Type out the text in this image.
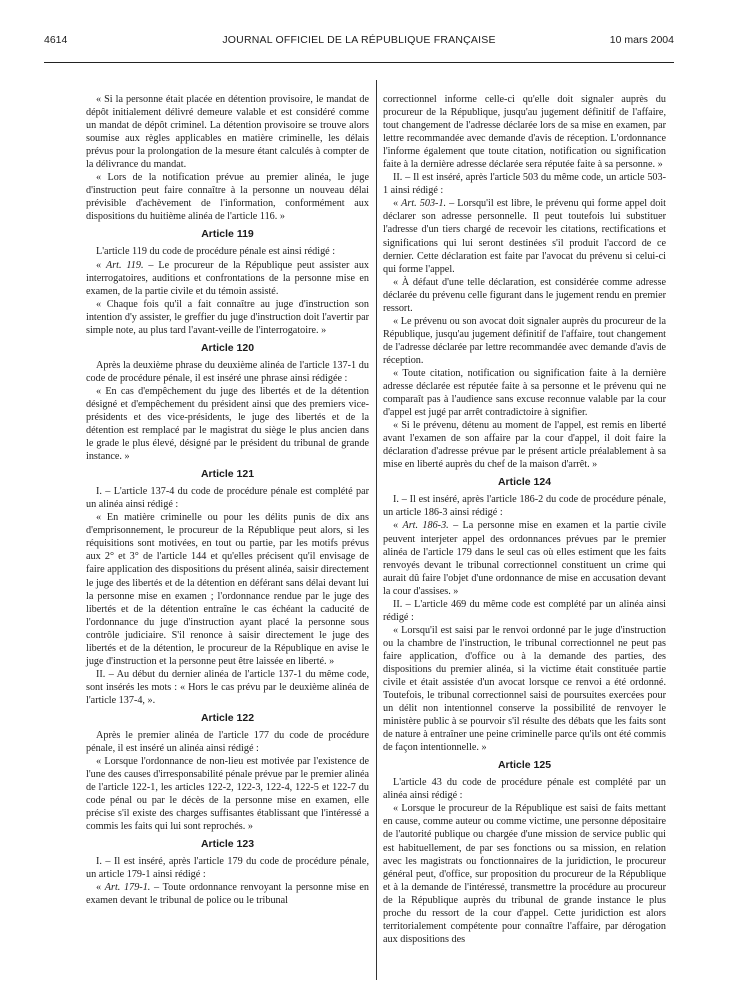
4614	JOURNAL OFFICIEL DE LA RÉPUBLIQUE FRANÇAISE	10 mars 2004

« Si la personne était placée en détention provisoire, le mandat de dépôt initialement délivré demeure valable et est considéré comme un mandat de dépôt criminel. La détention provisoire se trouve alors soumise aux règles applicables en matière criminelle, les délais prévus pour la prolongation de la mesure étant calculés à compter de la délivrance du mandat.

« Lors de la notification prévue au premier alinéa, le juge d'instruction peut faire connaître à la personne un nouveau délai prévisible d'achèvement de l'information, conformément aux dispositions du huitième alinéa de l'article 116. »

Article 119

L'article 119 du code de procédure pénale est ainsi rédigé :

« Art. 119. – Le procureur de la République peut assister aux interrogatoires, auditions et confrontations de la personne mise en examen, de la partie civile et du témoin assisté.

« Chaque fois qu'il a fait connaître au juge d'instruction son intention d'y assister, le greffier du juge d'instruction doit l'avertir par simple note, au plus tard l'avant-veille de l'interrogatoire. »

Article 120

Après la deuxième phrase du deuxième alinéa de l'article 137-1 du code de procédure pénale, il est inséré une phrase ainsi rédigée :

« En cas d'empêchement du juge des libertés et de la détention désigné et d'empêchement du président ainsi que des premiers vice-présidents et des vice-présidents, le juge des libertés et de la détention est remplacé par le magistrat du siège le plus ancien dans le grade le plus élevé, désigné par le président du tribunal de grande instance. »

Article 121

I. – L'article 137-4 du code de procédure pénale est complété par un alinéa ainsi rédigé :

« En matière criminelle ou pour les délits punis de dix ans d'emprisonnement, le procureur de la République peut alors, si les réquisitions sont motivées, en tout ou partie, par les motifs prévus aux 2° et 3° de l'article 144 et qu'elles précisent qu'il envisage de faire application des dispositions du présent alinéa, saisir directement le juge des libertés et de la détention en déférant sans délai devant lui la personne mise en examen ; l'ordonnance rendue par le juge des libertés et de la détention entraîne le cas échéant la caducité de l'ordonnance du juge d'instruction ayant placé la personne sous contrôle judiciaire. S'il renonce à saisir directement le juge des libertés et de la détention, le procureur de la République en avise le juge d'instruction et la personne peut être laissée en liberté. »

II. – Au début du dernier alinéa de l'article 137-1 du même code, sont insérés les mots : « Hors le cas prévu par le deuxième alinéa de l'article 137-4, ».

Article 122

Après le premier alinéa de l'article 177 du code de procédure pénale, il est inséré un alinéa ainsi rédigé :

« Lorsque l'ordonnance de non-lieu est motivée par l'existence de l'une des causes d'irresponsabilité pénale prévue par le premier alinéa de l'article 122-1, les articles 122-2, 122-3, 122-4, 122-5 et 122-7 du code pénal ou par le décès de la personne mise en examen, elle précise s'il existe des charges suffisantes établissant que l'intéressé a commis les faits qui lui sont reprochés. »

Article 123

I. – Il est inséré, après l'article 179 du code de procédure pénale, un article 179-1 ainsi rédigé :

« Art. 179-1. – Toute ordonnance renvoyant la personne mise en examen devant le tribunal de police ou le tribunal

correctionnel informe celle-ci qu'elle doit signaler auprès du procureur de la République, jusqu'au jugement définitif de l'affaire, tout changement de l'adresse déclarée lors de sa mise en examen, par lettre recommandée avec demande d'avis de réception. L'ordonnance l'informe également que toute citation, notification ou signification faite à la dernière adresse déclarée sera réputée faite à sa personne. »

II. – Il est inséré, après l'article 503 du même code, un article 503-1 ainsi rédigé :

« Art. 503-1. – Lorsqu'il est libre, le prévenu qui forme appel doit déclarer son adresse personnelle. Il peut toutefois lui substituer l'adresse d'un tiers chargé de recevoir les citations, rectifications et significations qui lui seront destinées s'il produit l'accord de ce dernier. Cette déclaration est faite par l'avocat du prévenu si celui-ci qui forme l'appel.

« À défaut d'une telle déclaration, est considérée comme adresse déclarée du prévenu celle figurant dans le jugement rendu en premier ressort.

« Le prévenu ou son avocat doit signaler auprès du procureur de la République, jusqu'au jugement définitif de l'affaire, tout changement de l'adresse déclarée par lettre recommandée avec demande d'avis de réception.

« Toute citation, notification ou signification faite à la dernière adresse déclarée est réputée faite à sa personne et le prévenu qui ne comparaît pas à l'audience sans excuse reconnue valable par la cour d'appel est jugé par arrêt contradictoire à signifier.

« Si le prévenu, détenu au moment de l'appel, est remis en liberté avant l'examen de son affaire par la cour d'appel, il doit faire la déclaration d'adresse prévue par le présent article préalablement à sa mise en liberté auprès du chef de la maison d'arrêt. »

Article 124

I. – Il est inséré, après l'article 186-2 du code de procédure pénale, un article 186-3 ainsi rédigé :

« Art. 186-3. – La personne mise en examen et la partie civile peuvent interjeter appel des ordonnances prévues par le premier alinéa de l'article 179 dans le seul cas où elles estiment que les faits renvoyés devant le tribunal correctionnel constituent un crime qui aurait dû faire l'objet d'une ordonnance de mise en accusation devant la cour d'assises. »

II. – L'article 469 du même code est complété par un alinéa ainsi rédigé :

« Lorsqu'il est saisi par le renvoi ordonné par le juge d'instruction ou la chambre de l'instruction, le tribunal correctionnel ne peut pas faire application, d'office ou à la demande des parties, des dispositions du premier alinéa, si la victime était constituée partie civile et était assistée d'un avocat lorsque ce renvoi a été ordonné. Toutefois, le tribunal correctionnel saisi de poursuites exercées pour un délit non intentionnel conserve la possibilité de renvoyer le ministère public à se pourvoir s'il résulte des débats que les faits sont de nature à entraîner une peine criminelle parce qu'ils ont été commis de façon intentionnelle. »

Article 125

L'article 43 du code de procédure pénale est complété par un alinéa ainsi rédigé :

« Lorsque le procureur de la République est saisi de faits mettant en cause, comme auteur ou comme victime, une personne dépositaire de l'autorité publique ou chargée d'une mission de service public qui est habituellement, de par ses fonctions ou sa mission, en relation avec les magistrats ou fonctionnaires de la juridiction, le procureur général peut, d'office, sur proposition du procureur de la République et à la demande de l'intéressé, transmettre la procédure au procureur de la République auprès du tribunal de grande instance le plus proche du ressort de la cour d'appel. Cette juridiction est alors territorialement compétente pour connaître l'affaire, par dérogation aux dispositions des
